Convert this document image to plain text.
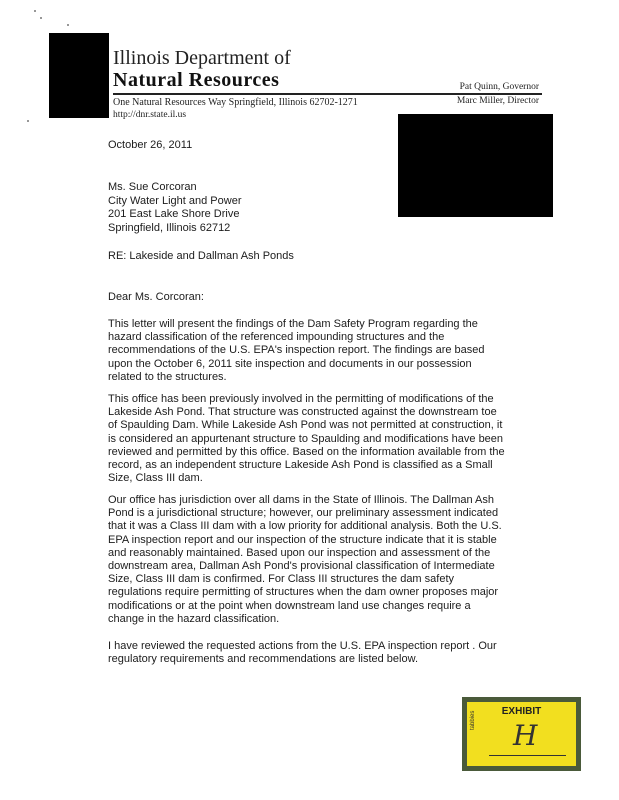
Illinois Department of
Natural Resources
One Natural Resources Way Springfield, Illinois 62702-1271
http://dnr.state.il.us
Pat Quinn, Governor
Marc Miller, Director
October 26, 2011
Ms. Sue Corcoran
City Water Light and Power
201 East Lake Shore Drive
Springfield, Illinois 62712
RE: Lakeside and Dallman Ash Ponds
Dear Ms. Corcoran:

This letter will present the findings of the Dam Safety Program regarding the hazard classification of the referenced impounding structures and the recommendations of the U.S. EPA's inspection report. The findings are based upon the October 6, 2011 site inspection and documents in our possession related to the structures.

This office has been previously involved in the permitting of modifications of the Lakeside Ash Pond. That structure was constructed against the downstream toe of Spaulding Dam. While Lakeside Ash Pond was not permitted at construction, it is considered an appurtenant structure to Spaulding and modifications have been reviewed and permitted by this office. Based on the information available from the record, as an independent structure Lakeside Ash Pond is classified as a Small Size, Class III dam.

Our office has jurisdiction over all dams in the State of Illinois. The Dallman Ash Pond is a jurisdictional structure; however, our preliminary assessment indicated that it was a Class III dam with a low priority for additional analysis. Both the U.S. EPA inspection report and our inspection of the structure indicate that it is stable and reasonably maintained. Based upon our inspection and assessment of the downstream area, Dallman Ash Pond's provisional classification of Intermediate Size, Class III dam is confirmed. For Class III structures the dam safety regulations require permitting of structures when the dam owner proposes major modifications or at the point when downstream land use changes require a change in the hazard classification.

I have reviewed the requested actions from the U.S. EPA inspection report . Our regulatory requirements and recommendations are listed below.

EXHIBIT
tabbies H
